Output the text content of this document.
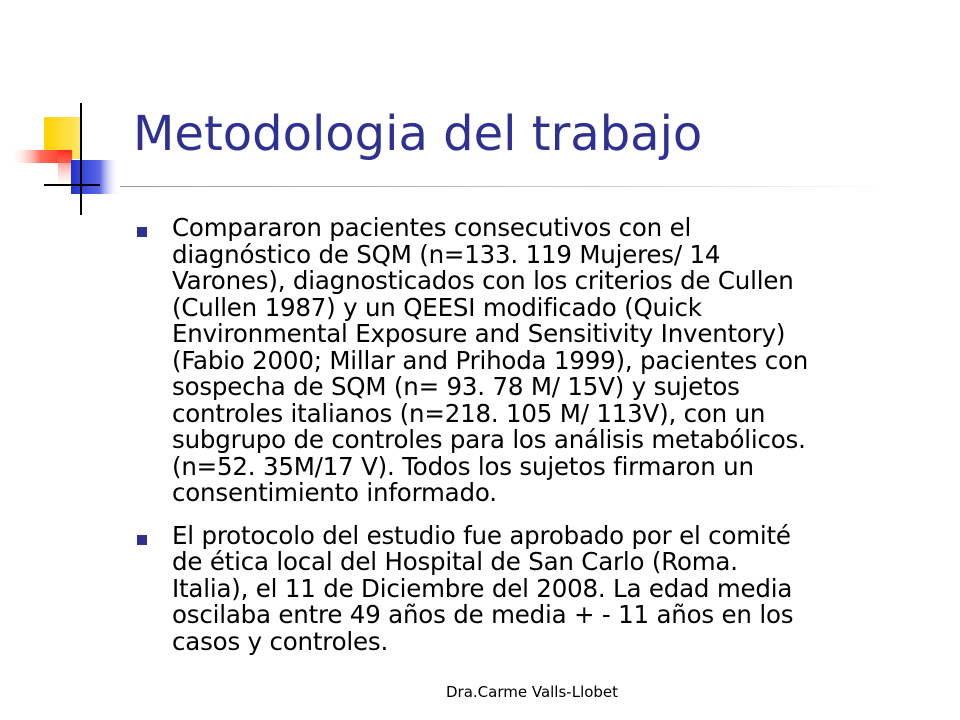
Metodologia del trabajo
Compararon pacientes consecutivos con el
diagnóstico de SQM (n=133. 119 Mujeres/ 14
Varones), diagnosticados con los criterios de Cullen
(Cullen 1987) y un QEESI modificado (Quick
Environmental Exposure and Sensitivity Inventory)
(Fabio 2000; Millar and Prihoda 1999), pacientes con
sospecha de SQM (n= 93. 78 M/ 15V) y sujetos
controles italianos (n=218. 105 M/ 113V), con un
subgrupo de controles para los análisis metabólicos.
(n=52. 35M/17 V). Todos los sujetos firmaron un
consentimiento informado.
El protocolo del estudio fue aprobado por el comité
de ética local del Hospital de San Carlo (Roma.
Italia), el 11 de Diciembre del 2008. La edad media
oscilaba entre 49 años de media + - 11 años en los
casos y controles.
Dra.Carme Valls-Llobet
